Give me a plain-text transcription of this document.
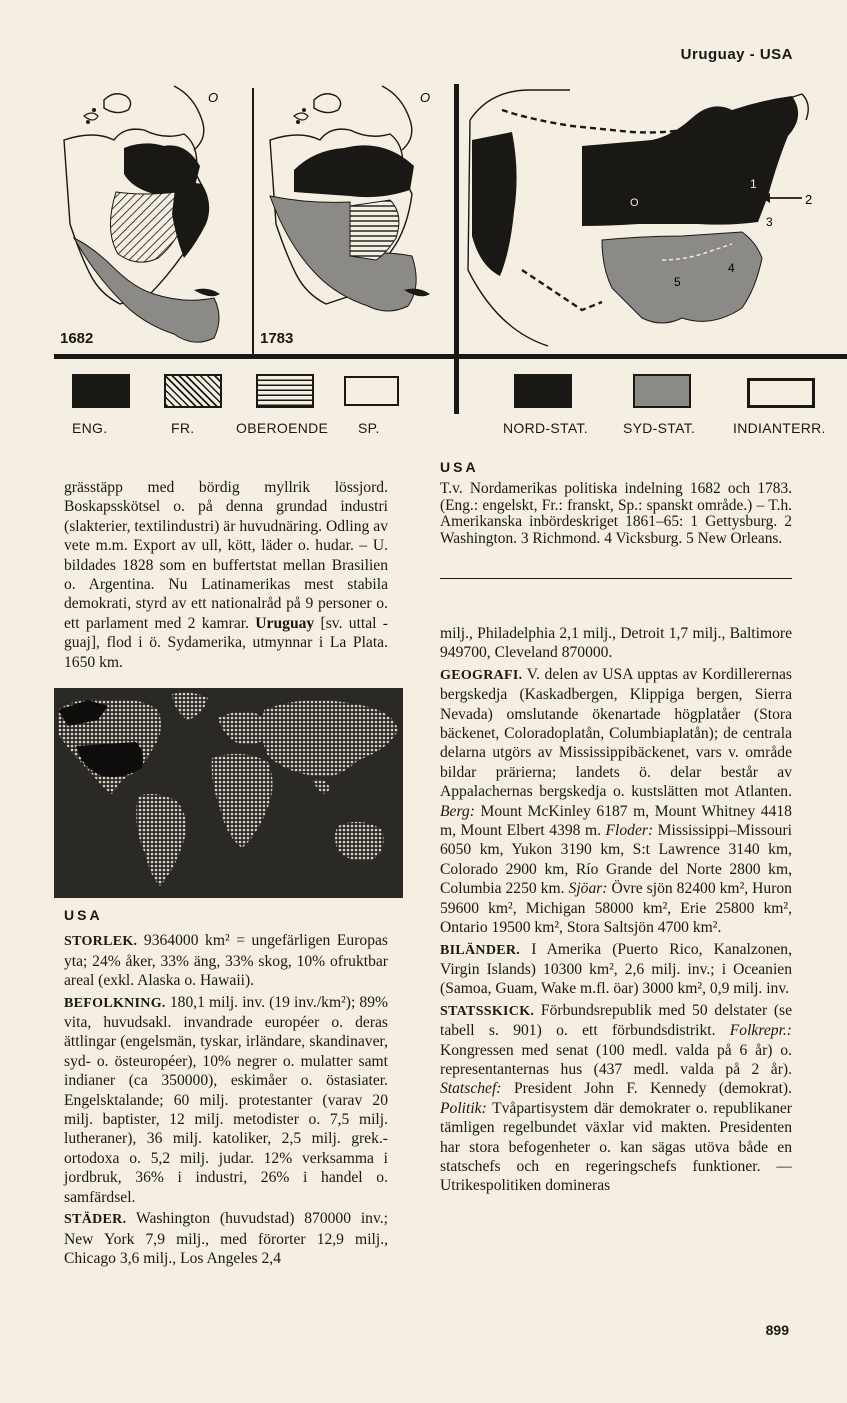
Uruguay - USA
O
1682
O
1783
O
1
2
3
4
5
ENG.	FR.	OBEROENDE SP.	NORD-STAT.	SYD-STAT.	INDIANTERR.

grässtäpp med bördig myllrik lössjord. Boskapsskötsel o. på denna grundad industri (slakterier, textilindustri) är huvudnäring. Odling av vete m.m. Export av ull, kött, läder o. hudar. – U. bildades 1828 som en buffertstat mellan Brasilien o. Argentina. Nu Latinamerikas mest stabila demokrati, styrd av ett nationalråd på 9 personer o. ett parlament med 2 kamrar. Uruguay [sv. uttal -guaj], flod i ö. Sydamerika, utmynnar i La Plata. 1650 km.

USA

STORLEK. 9364000 km² = ungefärligen Europas yta; 24% åker, 33% äng, 33% skog, 10% ofruktbar areal (exkl. Alaska o. Hawaii).

BEFOLKNING. 180,1 milj. inv. (19 inv./km²); 89% vita, huvudsakl. invandrade européer o. deras ättlingar (engelsmän, tyskar, irländare, skandinaver, syd- o. östeuropéer), 10% negrer o. mulatter samt indianer (ca 350000), eskimåer o. östasiater. Engelsktalande; 60 milj. protestanter (varav 20 milj. baptister, 12 milj. metodister o. 7,5 milj. lutheraner), 36 milj. katoliker, 2,5 milj. grek.-ortodoxa o. 5,2 milj. judar. 12% verksamma i jordbruk, 36% i industri, 26% i handel o. samfärdsel.

STÄDER. Washington (huvudstad) 870000 inv.; New York 7,9 milj., med förorter 12,9 milj., Chicago 3,6 milj., Los Angeles 2,4

USA

T.v. Nordamerikas politiska indelning 1682 och 1783. (Eng.: engelskt, Fr.: franskt, Sp.: spanskt område.) – T.h. Amerikanska inbördeskriget 1861–65: 1 Gettysburg. 2 Washington. 3 Richmond. 4 Vicksburg. 5 New Orleans.

milj., Philadelphia 2,1 milj., Detroit 1,7 milj., Baltimore 949700, Cleveland 870000.

GEOGRAFI. V. delen av USA upptas av Kordillerernas bergskedja (Kaskadbergen, Klippiga bergen, Sierra Nevada) omslutande ökenartade högplatåer (Stora bäckenet, Coloradoplatån, Columbiaplatån); de centrala delarna utgörs av Mississippibäckenet, vars v. område bildar prärierna; landets ö. delar består av Appalachernas bergskedja o. kustslätten mot Atlanten. Berg: Mount McKinley 6187 m, Mount Whitney 4418 m, Mount Elbert 4398 m. Floder: Mississippi–Missouri 6050 km, Yukon 3190 km, S:t Lawrence 3140 km, Colorado 2900 km, Río Grande del Norte 2800 km, Columbia 2250 km. Sjöar: Övre sjön 82400 km², Huron 59600 km², Michigan 58000 km², Erie 25800 km², Ontario 19500 km², Stora Saltsjön 4700 km².

BILÄNDER. I Amerika (Puerto Rico, Kanalzonen, Virgin Islands) 10300 km², 2,6 milj. inv.; i Oceanien (Samoa, Guam, Wake m.fl. öar) 3000 km², 0,9 milj. inv.

STATSSKICK. Förbundsrepublik med 50 delstater (se tabell s. 901) o. ett förbundsdistrikt. Folkrepr.: Kongressen med senat (100 medl. valda på 6 år) o. representanternas hus (437 medl. valda på 2 år). Statschef: President John F. Kennedy (demokrat). Politik: Tvåpartisystem där demokrater o. republikaner tämligen regelbundet växlar vid makten. Presidenten har stora befogenheter o. kan sägas utöva både en statschefs och en regeringschefs funktioner. — Utrikespolitiken domineras

899
